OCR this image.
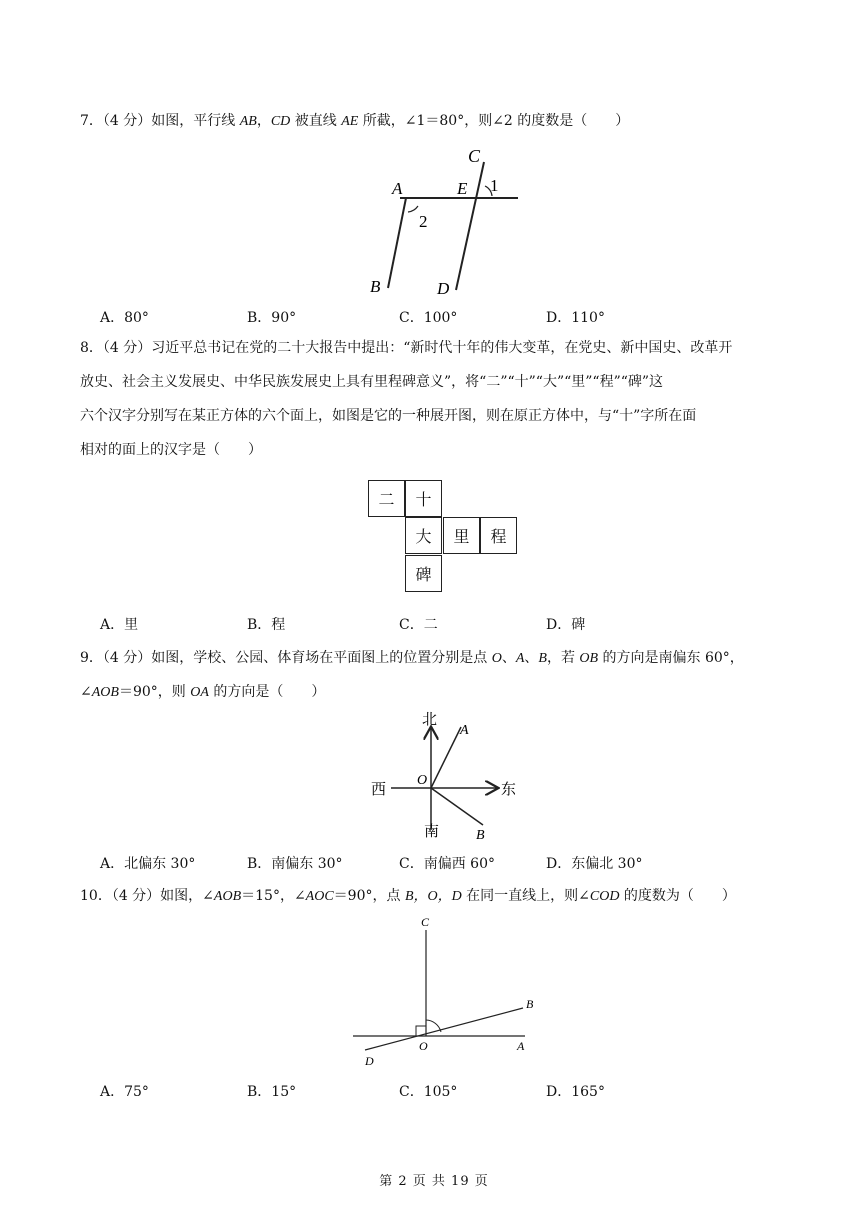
7．（4 分）如图，平行线 AB，CD 被直线 AE 所截，∠1＝80°，则∠2 的度数是（　　）
C
A	E 1
2
B	D
A．80°	B．90°	C．100°	D．110°
8．（4 分）习近平总书记在党的二十大报告中提出：“新时代十年的伟大变革，在党史、新中国史、改革开
放史、社会主义发展史、中华民族发展史上具有里程碑意义”，将“二”“十”“大”“里”“程”“碑”这
六个汉字分别写在某正方体的六个面上，如图是它的一种展开图，则在原正方体中，与“十”字所在面
相对的面上的汉字是（　　）
二	十
大	里	程
碑
A．里	B．程	C．二	D．碑
9．（4 分）如图，学校、公园、体育场在平面图上的位置分别是点 O、A、B，若 OB 的方向是南偏东 60°，
∠AOB＝90°，则 OA 的方向是（　　）
北
A
西
O
东
南	B
A．北偏东 30°	B．南偏东 30°	C．南偏西 60°	D．东偏北 30°
10．（4 分）如图，∠AOB＝15°，∠AOC＝90°，点 B，O，D 在同一直线上，则∠COD 的度数为（　　）
C
B
O	A
D
A．75°	B．15°	C．105°	D．165°
第 2 页 共 19 页
